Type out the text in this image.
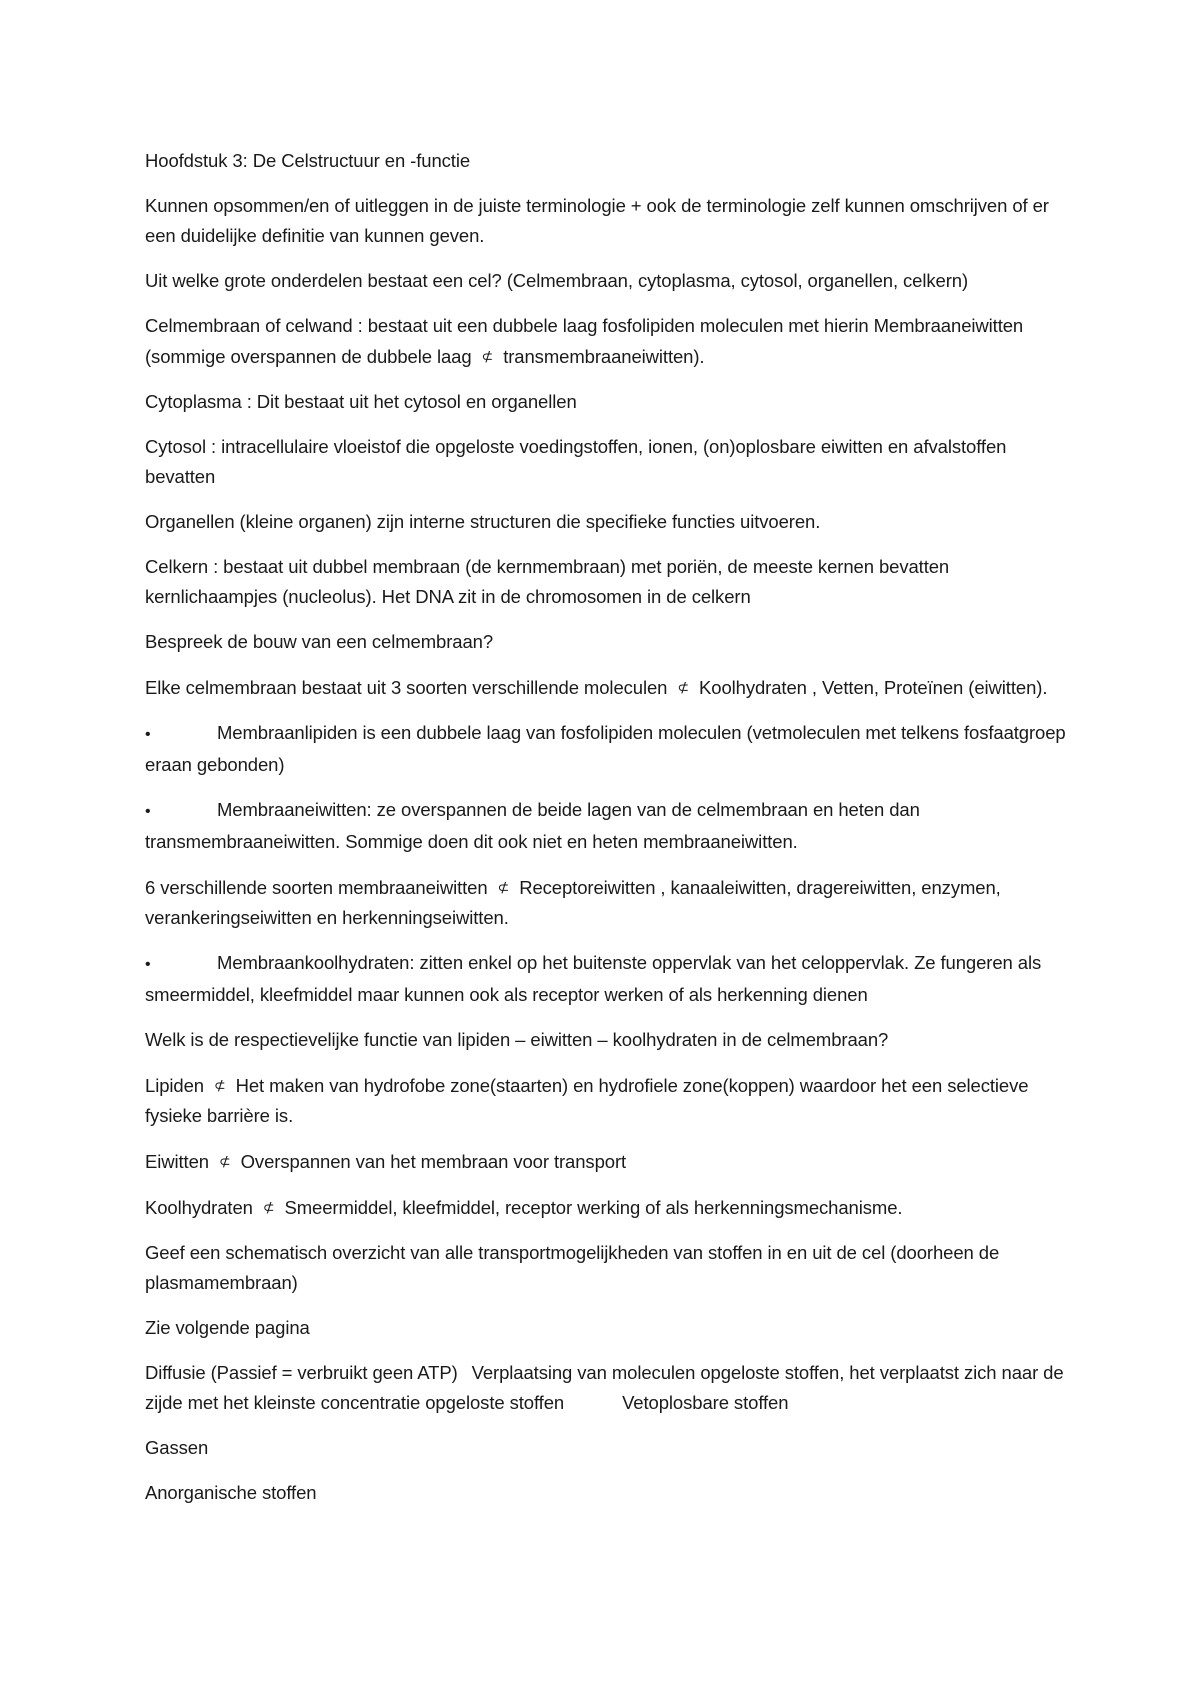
Hoofdstuk 3: De Celstructuur en -functie

Kunnen opsommen/en of uitleggen in de juiste terminologie + ook de terminologie zelf kunnen omschrijven of er een duidelijke definitie van kunnen geven.

Uit welke grote onderdelen bestaat een cel? (Celmembraan, cytoplasma, cytosol, organellen, celkern)

Celmembraan of celwand : bestaat uit een dubbele laag fosfolipiden moleculen met hierin Membraaneiwitten (sommige overspannen de dubbele laag ⊄ transmembraaneiwitten).

Cytoplasma : Dit bestaat uit het cytosol en organellen

Cytosol : intracellulaire vloeistof die opgeloste voedingstoffen, ionen, (on)oplosbare eiwitten en afvalstoffen bevatten

Organellen (kleine organen) zijn interne structuren die specifieke functies uitvoeren.

Celkern : bestaat uit dubbel membraan (de kernmembraan) met poriën, de meeste kernen bevatten kernlichaampjes (nucleolus). Het DNA zit in de chromosomen in de celkern

Bespreek de bouw van een celmembraan?

Elke celmembraan bestaat uit 3 soorten verschillende moleculen ⊄ Koolhydraten , Vetten, Proteïnen (eiwitten).

•	Membraanlipiden is een dubbele laag van fosfolipiden moleculen (vetmoleculen met telkens fosfaatgroep eraan gebonden)

•	Membraaneiwitten: ze overspannen de beide lagen van de celmembraan en heten dan transmembraaneiwitten. Sommige doen dit ook niet en heten membraaneiwitten.

6 verschillende soorten membraaneiwitten ⊄ Receptoreiwitten , kanaaleiwitten, dragereiwitten, enzymen, verankeringseiwitten en herkenningseiwitten.

•	Membraankoolhydraten: zitten enkel op het buitenste oppervlak van het celoppervlak. Ze fungeren als smeermiddel, kleefmiddel maar kunnen ook als receptor werken of als herkenning dienen

Welk is de respectievelijke functie van lipiden – eiwitten – koolhydraten in de celmembraan?

Lipiden ⊄ Het maken van hydrofobe zone(staarten) en hydrofiele zone(koppen) waardoor het een selectieve fysieke barrière is.

Eiwitten ⊄ Overspannen van het membraan voor transport

Koolhydraten ⊄ Smeermiddel, kleefmiddel, receptor werking of als herkenningsmechanisme.

Geef een schematisch overzicht van alle transportmogelijkheden van stoffen in en uit de cel (doorheen de plasmamembraan)

Zie volgende pagina

Diffusie (Passief = verbruikt geen ATP) Verplaatsing van moleculen opgeloste stoffen, het verplaatst zich naar de zijde met het kleinste concentratie opgeloste stoffen	Vetoplosbare stoffen

Gassen

Anorganische stoffen
